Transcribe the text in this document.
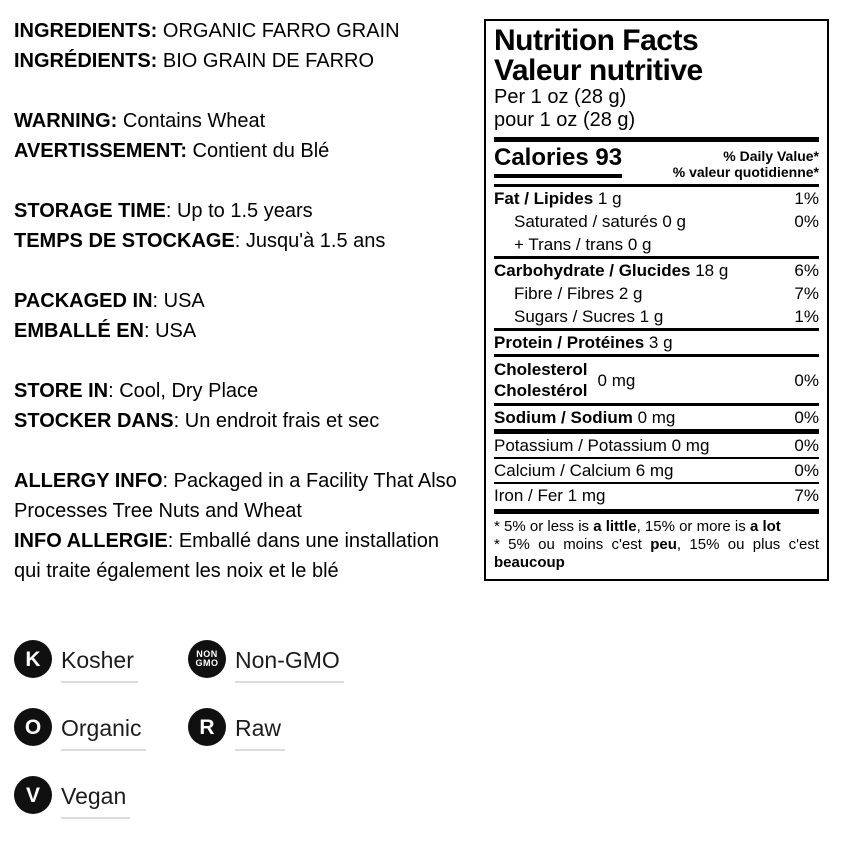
INGREDIENTS: ORGANIC FARRO GRAIN
INGRÉDIENTS: BIO GRAIN DE FARRO
WARNING: Contains Wheat
AVERTISSEMENT: Contient du Blé
STORAGE TIME: Up to 1.5 years
TEMPS DE STOCKAGE: Jusqu'à 1.5 ans
PACKAGED IN: USA
EMBALLÉ EN: USA
STORE IN: Cool, Dry Place
STOCKER DANS: Un endroit frais et sec
ALLERGY INFO: Packaged in a Facility That Also Processes Tree Nuts and Wheat
INFO ALLERGIE: Emballé dans une installation qui traite également les noix et le blé
K Kosher	NON
GMO Non-GMO
O Organic	R Raw
V Vegan
Nutrition Facts
Valeur nutritive
Per 1 oz (28 g)
pour 1 oz (28 g)
Calories 93	% Daily Value*
% valeur quotidienne*
Fat / Lipides 1 g	1%
Saturated / saturés 0 g	0%
+ Trans / trans 0 g
Carbohydrate / Glucides 18 g	6%
Fibre / Fibres 2 g	7%
Sugars / Sucres 1 g	1%
Protein / Protéines 3 g
Cholesterol
Cholestérol
0 mg	0%
Sodium / Sodium 0 mg	0%
Potassium / Potassium 0 mg	0%
Calcium / Calcium 6 mg	0%
Iron / Fer 1 mg	7%

* 5% or less is a little, 15% or more is a lot

* 5% ou moins c'est peu, 15% ou plus c'est beaucoup
